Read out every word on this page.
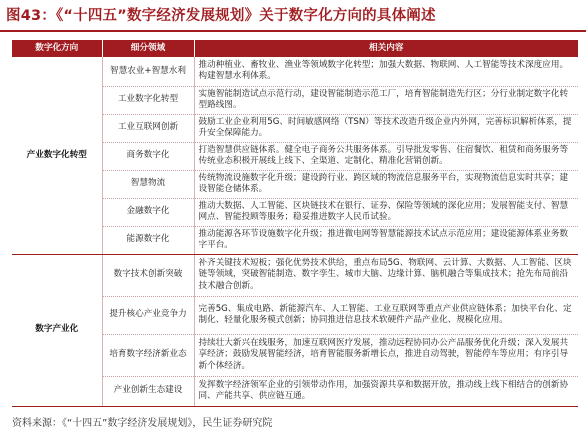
图43：《“十四五”数字经济发展规划》关于数字化方向的具体阐述
数字化方向	细分领域	相关内容
产业数字化转型	智慧农业+智慧水利	推动种植业、畜牧业、渔业等领域数字化转型；加强大数据、物联网、人工智能等技术深度应用。构建智慧水利体系。
	工业数字化转型	实施智能制造试点示范行动，建设智能制造示范工厂，培育智能制造先行区；分行业制定数字化转型路线图。
	工业互联网创新	鼓励工业企业利用5G、时间敏感网络（TSN）等技术改造升级企业内外网，完善标识解析体系，提升安全保障能力。
	商务数字化	打造智慧供应链体系。健全电子商务公共服务体系。引导批发零售、住宿餐饮、租赁和商务服务等传统业态积极开展线上线下、全渠道、定制化、精准化营销创新。
	智慧物流	传统物流设施数字化升级；建设跨行业、跨区域的物流信息服务平台，实现物流信息实时共享；建设智能仓储体系。
	金融数字化	推动大数据、人工智能、区块链技术在银行、证券、保险等领域的深化应用；发展智能支付、智慧网点、智能投顾等服务；稳妥推进数字人民币试验。
	能源数字化	推动能源各环节设施数字化升级；推进微电网等智慧能源技术试点示范应用；建设能源体系业务数字平台。
数字产业化	数字技术创新突破	补齐关键技术短板；强化优势技术供给，重点布局5G、物联网、云计算、大数据、人工智能、区块链等领域，突破智能制造、数字孪生、城市大脑、边缘计算、脑机融合等集成技术；抢先布局前沿技术融合创新。
	提升核心产业竞争力	完善5G、集成电路、新能源汽车、人工智能、工业互联网等重点产业供应链体系；加快平台化、定制化、轻量化服务模式创新；协同推进信息技术软硬件产品产业化、规模化应用。
	培育数字经济新业态	持续壮大新兴在线服务，加速互联网医疗发展，推动远程协同办公产品服务优化升级；深入发展共享经济；鼓励发展智能经济，培育智能服务新增长点，推进自动驾驶，智能停车等应用；有序引导新个体经济。
	产业创新生态建设	发挥数字经济领军企业的引领带动作用，加强资源共享和数据开放，推动线上线下相结合的创新协同、产能共享、供应链互通。
资料来源：《“十四五”数字经济发展规划》，民生证券研究院
